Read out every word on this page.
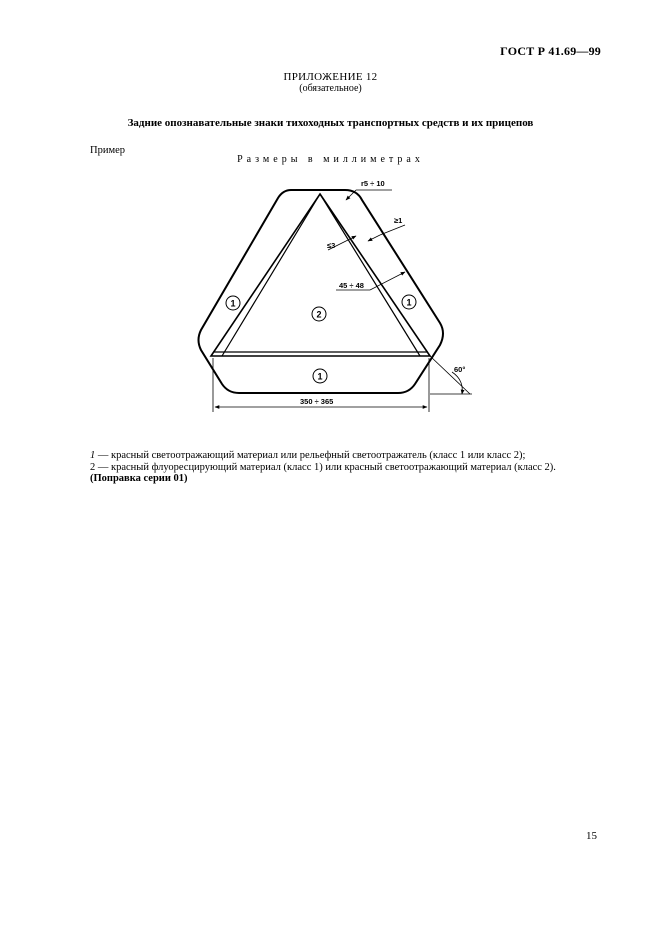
ГОСТ Р 41.69—99
ПРИЛОЖЕНИЕ 12
(обязательное)
Задние опознавательные знаки тихоходных транспортных средств и их прицепов
Пример
Размеры в миллиметрах
r5 ÷ 10
≥1
≤3
45 ÷ 48
350 ÷ 365
60°
1
2
1
1
1 — красный светоотражающий материал или рельефный светоотражатель (класс 1 или класс 2);
2 — красный флуоресцирующий материал (класс 1) или красный светоотражающий материал (класс 2).
(Поправка серии 01)
15
